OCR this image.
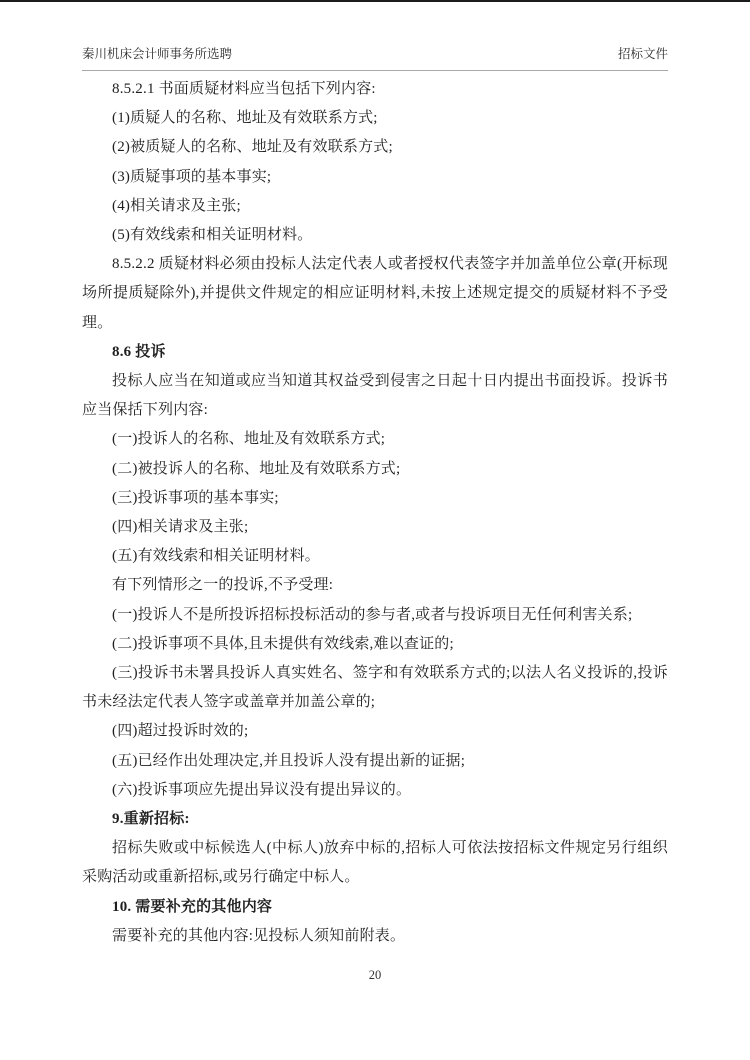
秦川机床会计师事务所选聘	招标文件

8.5.2.1 书面质疑材料应当包括下列内容:

(1)质疑人的名称、地址及有效联系方式;

(2)被质疑人的名称、地址及有效联系方式;

(3)质疑事项的基本事实;

(4)相关请求及主张;

(5)有效线索和相关证明材料。

8.5.2.2 质疑材料必须由投标人法定代表人或者授权代表签字并加盖单位公章(开标现场所提质疑除外),并提供文件规定的相应证明材料,未按上述规定提交的质疑材料不予受理。

8.6 投诉

投标人应当在知道或应当知道其权益受到侵害之日起十日内提出书面投诉。投诉书应当保括下列内容:

(一)投诉人的名称、地址及有效联系方式;

(二)被投诉人的名称、地址及有效联系方式;

(三)投诉事项的基本事实;

(四)相关请求及主张;

(五)有效线索和相关证明材料。

有下列情形之一的投诉,不予受理:

(一)投诉人不是所投诉招标投标活动的参与者,或者与投诉项目无任何利害关系;

(二)投诉事项不具体,且未提供有效线索,难以查证的;

(三)投诉书未署具投诉人真实姓名、签字和有效联系方式的;以法人名义投诉的,投诉书未经法定代表人签字或盖章并加盖公章的;

(四)超过投诉时效的;

(五)已经作出处理决定,并且投诉人没有提出新的证据;

(六)投诉事项应先提出异议没有提出异议的。

9.重新招标:

招标失败或中标候选人(中标人)放弃中标的,招标人可依法按招标文件规定另行组织采购活动或重新招标,或另行确定中标人。

10. 需要补充的其他内容

需要补充的其他内容:见投标人须知前附表。

20
